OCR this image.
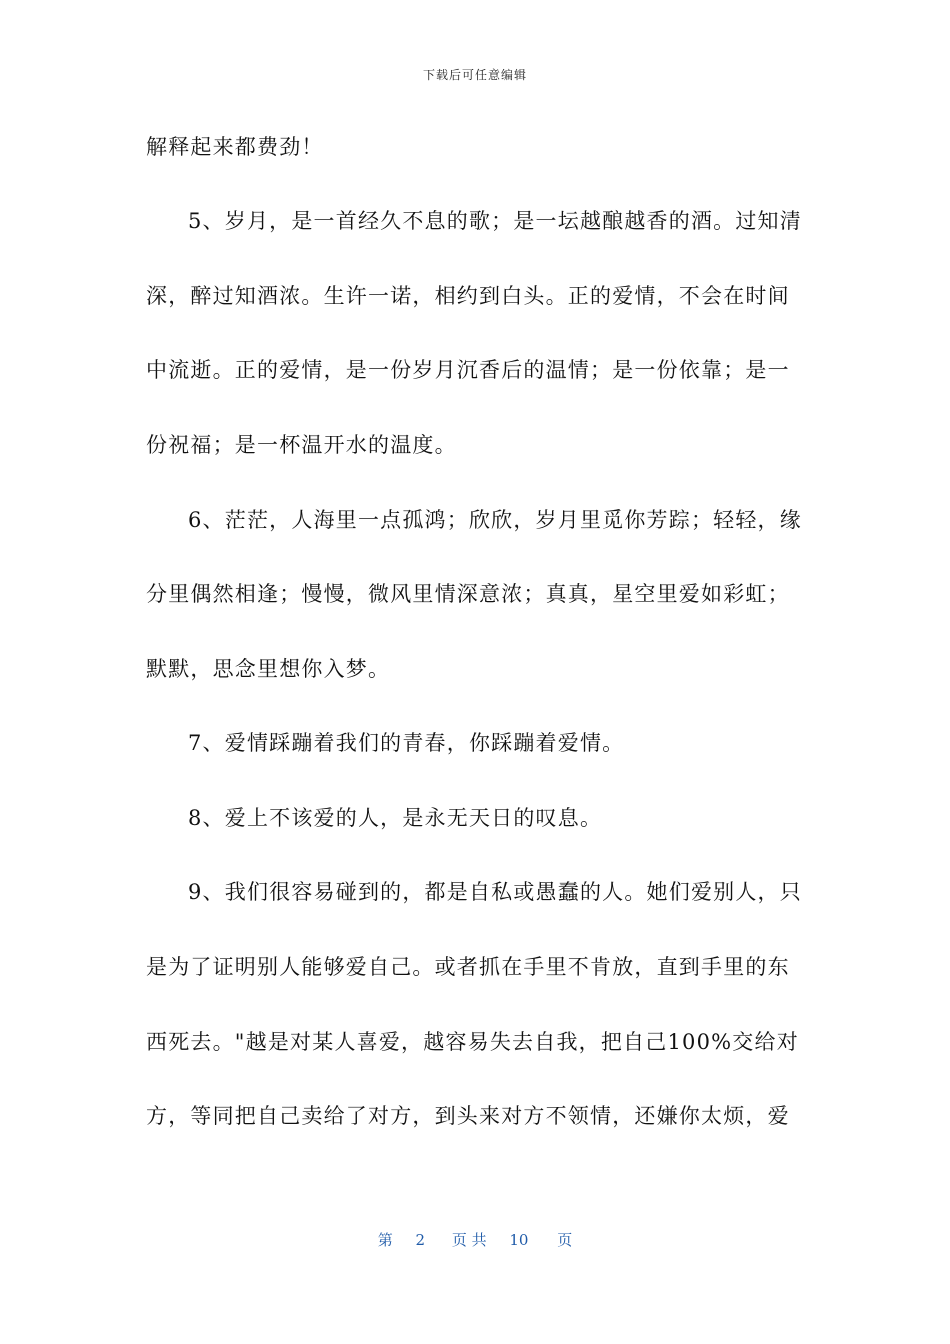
下载后可任意编辑
解释起来都费劲！
5、岁月，是一首经久不息的歌；是一坛越酿越香的酒。过知清
深，醉过知酒浓。生许一诺，相约到白头。正的爱情，不会在时间
中流逝。正的爱情，是一份岁月沉香后的温情；是一份依靠；是一
份祝福；是一杯温开水的温度。
6、茫茫，人海里一点孤鸿；欣欣，岁月里觅你芳踪；轻轻，缘
分里偶然相逢；慢慢，微风里情深意浓；真真，星空里爱如彩虹；
默默，思念里想你入梦。
7、爱情踩蹦着我们的青春，你踩蹦着爱情。
8、爱上不该爱的人，是永无天日的叹息。
9、我们很容易碰到的，都是自私或愚蠢的人。她们爱别人，只
是为了证明别人能够爱自己。或者抓在手里不肯放，直到手里的东
西死去。"越是对某人喜爱，越容易失去自我，把自己100%交给对
方，等同把自己卖给了对方，到头来对方不领情，还嫌你太烦，爱
第 2 页 共 10 页
